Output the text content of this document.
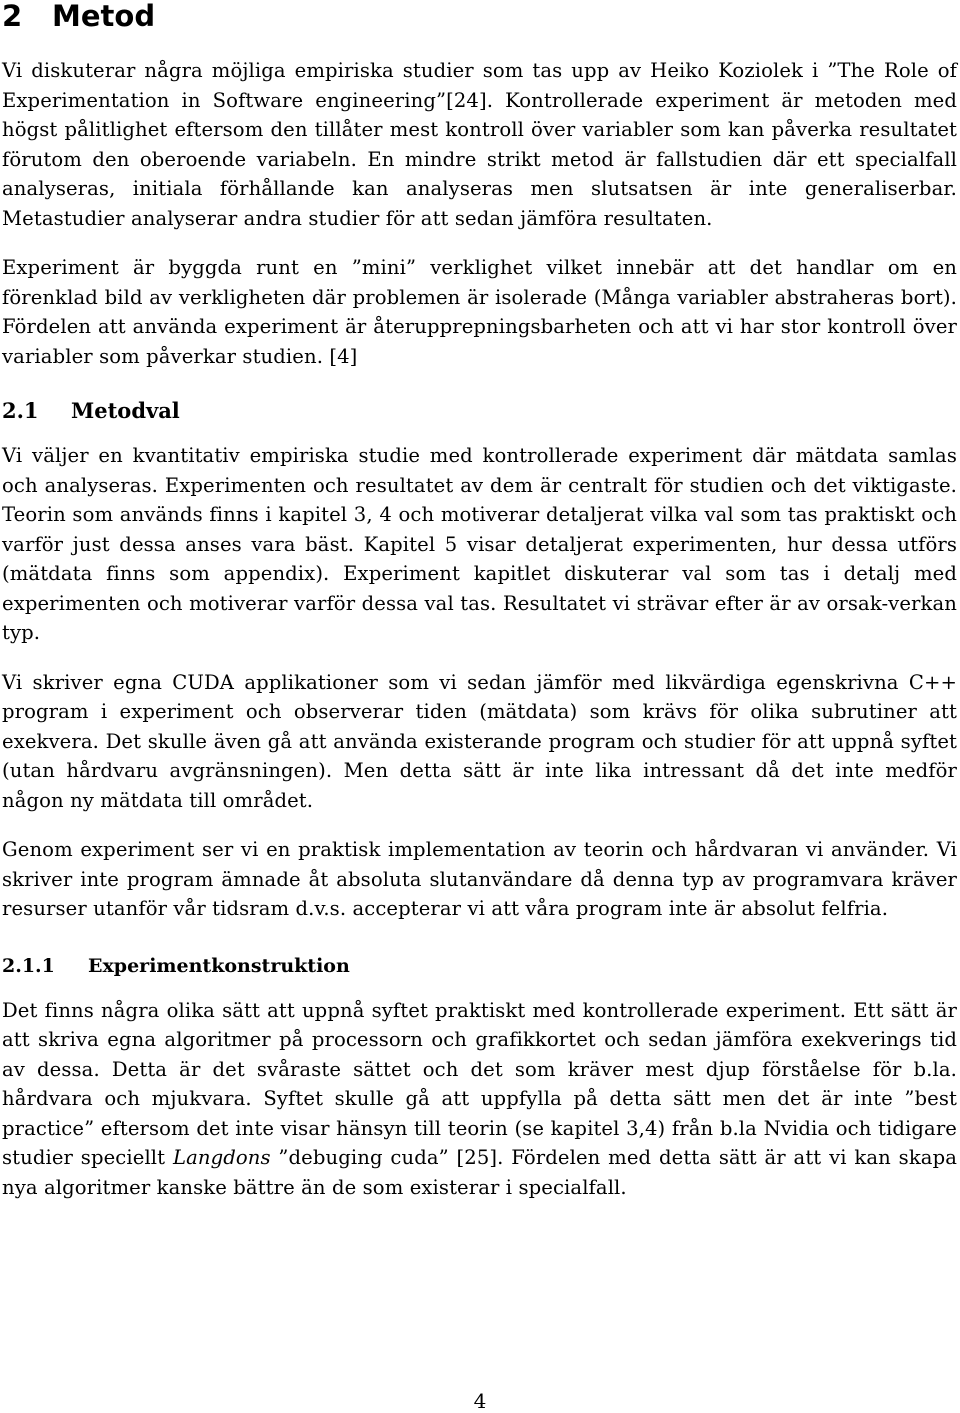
2 Metod

Vi diskuterar några möjliga empiriska studier som tas upp av Heiko Koziolek i ”The Role of Experimentation in Software engineering”[24]. Kontrollerade experiment är metoden med högst pålitlighet eftersom den tillåter mest kontroll över variabler som kan påverka resultatet förutom den oberoende variabeln. En mindre strikt metod är fallstudien där ett specialfall analyseras, initiala förhållande kan analyseras men slutsatsen är inte generaliserbar. Metastudier analyserar andra studier för att sedan jämföra resultaten.

Experiment är byggda runt en ”mini” verklighet vilket innebär att det handlar om en förenklad bild av verkligheten där problemen är isolerade (Många variabler abstraheras bort). Fördelen att använda experiment är återupprepningsbarheten och att vi har stor kontroll över variabler som påverkar studien. [4]

2.1 Metodval

Vi väljer en kvantitativ empiriska studie med kontrollerade experiment där mätdata samlas och analyseras. Experimenten och resultatet av dem är centralt för studien och det viktigaste. Teorin som används finns i kapitel 3, 4 och motiverar detaljerat vilka val som tas praktiskt och varför just dessa anses vara bäst. Kapitel 5 visar detaljerat experimenten, hur dessa utförs (mätdata finns som appendix). Experiment kapitlet diskuterar val som tas i detalj med experimenten och motiverar varför dessa val tas. Resultatet vi strävar efter är av orsak-verkan typ.

Vi skriver egna CUDA applikationer som vi sedan jämför med likvärdiga egenskrivna C++ program i experiment och observerar tiden (mätdata) som krävs för olika subrutiner att exekvera. Det skulle även gå att använda existerande program och studier för att uppnå syftet (utan hårdvaru avgränsningen). Men detta sätt är inte lika intressant då det inte medför någon ny mätdata till området.

Genom experiment ser vi en praktisk implementation av teorin och hårdvaran vi använder. Vi skriver inte program ämnade åt absoluta slutanvändare då denna typ av programvara kräver resurser utanför vår tidsram d.v.s. accepterar vi att våra program inte är absolut felfria.

2.1.1 Experimentkonstruktion

Det finns några olika sätt att uppnå syftet praktiskt med kontrollerade experiment. Ett sätt är att skriva egna algoritmer på processorn och grafikkortet och sedan jämföra exekverings tid av dessa. Detta är det svåraste sättet och det som kräver mest djup förståelse för b.la. hårdvara och mjukvara. Syftet skulle gå att uppfylla på detta sätt men det är inte ”best practice” eftersom det inte visar hänsyn till teorin (se kapitel 3,4) från b.la Nvidia och tidigare studier speciellt Langdons ”debuging cuda” [25]. Fördelen med detta sätt är att vi kan skapa nya algoritmer kanske bättre än de som existerar i specialfall.

4
